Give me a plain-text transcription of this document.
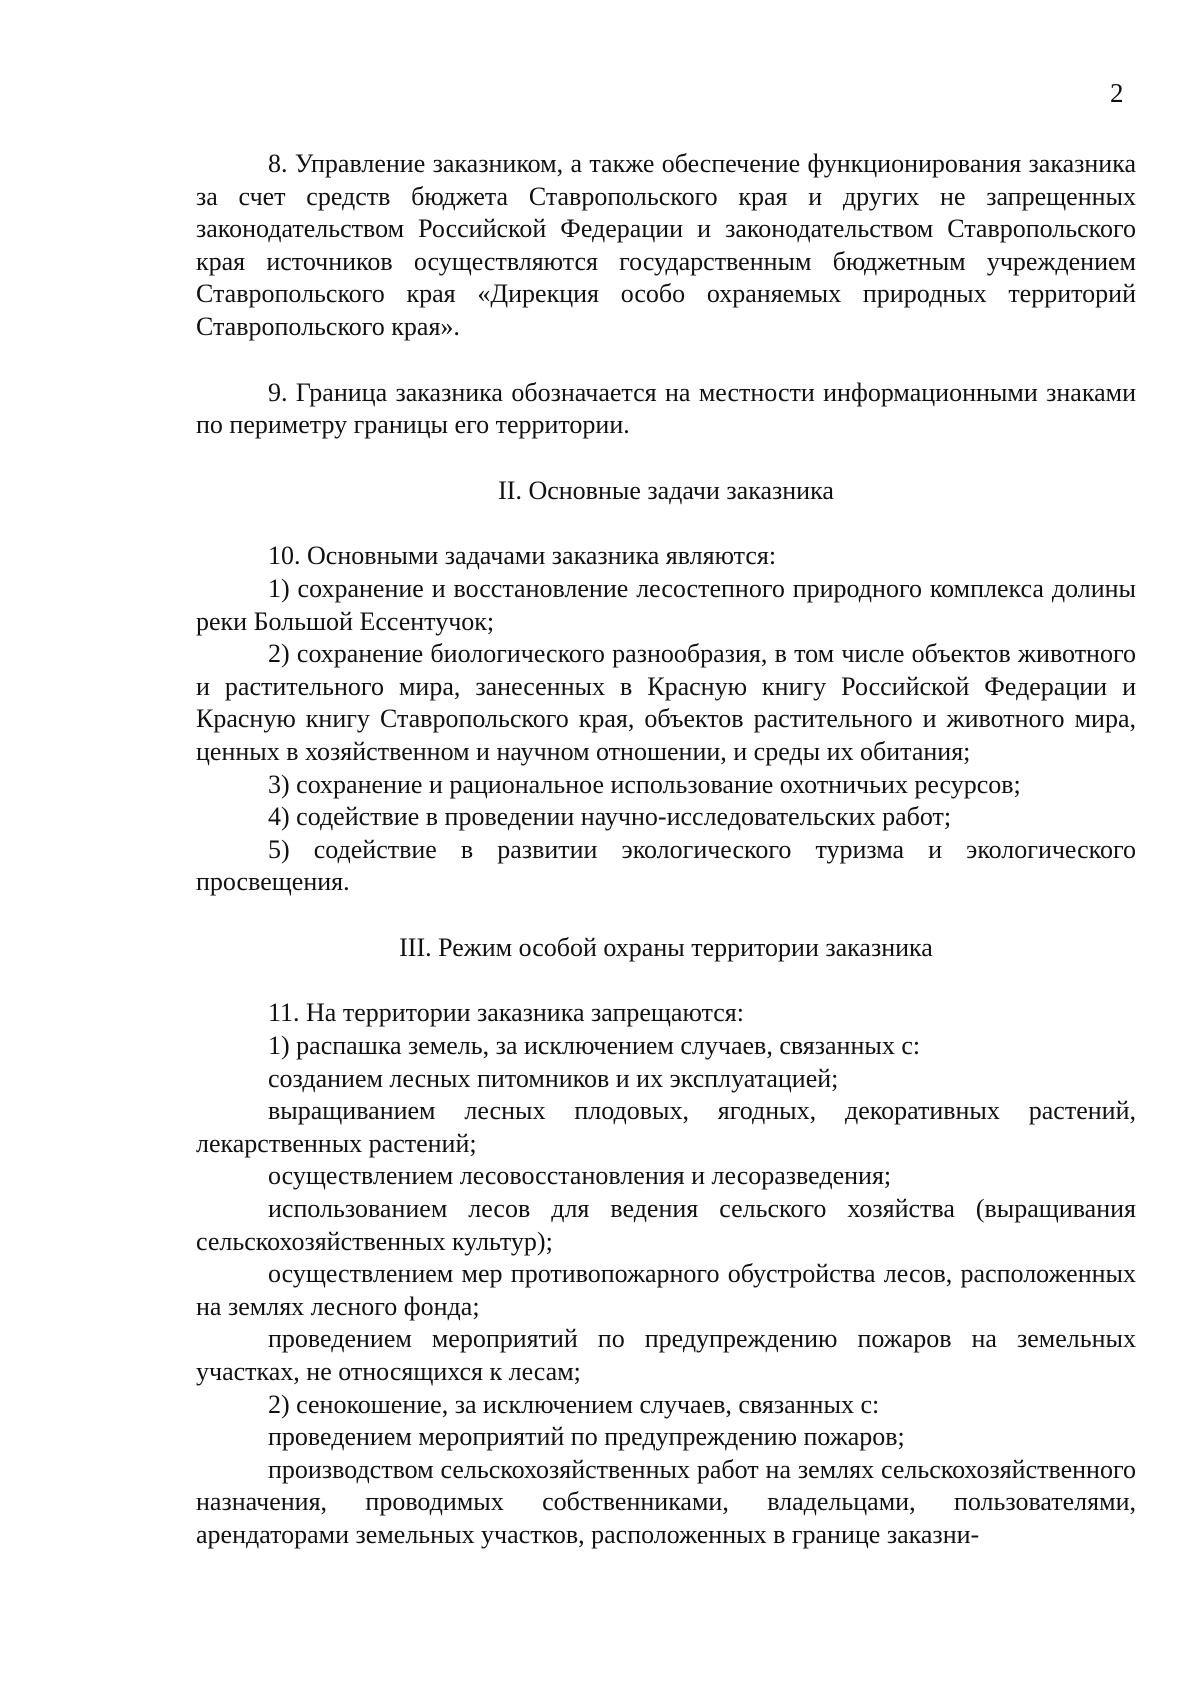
2

8. Управление заказником, а также обеспечение функционирования заказника за счет средств бюджета Ставропольского края и других не запрещенных законодательством Российской Федерации и законодательством Ставропольского края источников осуществляются государственным бюджетным учреждением Ставропольского края «Дирекция особо охраняемых природных территорий Ставропольского края».

9. Граница заказника обозначается на местности информационными знаками по периметру границы его территории.

II. Основные задачи заказника

10. Основными задачами заказника являются:

1) сохранение и восстановление лесостепного природного комплекса долины реки Большой Ессентучок;

2) сохранение биологического разнообразия, в том числе объектов животного и растительного мира, занесенных в Красную книгу Российской Федерации и Красную книгу Ставропольского края, объектов растительного и животного мира, ценных в хозяйственном и научном отношении, и среды их обитания;

3) сохранение и рациональное использование охотничьих ресурсов;

4) содействие в проведении научно-исследовательских работ;

5) содействие в развитии экологического туризма и экологического просвещения.

III. Режим особой охраны территории заказника

11. На территории заказника запрещаются:

1) распашка земель, за исключением случаев, связанных с:

созданием лесных питомников и их эксплуатацией;

выращиванием лесных плодовых, ягодных, декоративных растений, лекарственных растений;

осуществлением лесовосстановления и лесоразведения;

использованием лесов для ведения сельского хозяйства (выращивания сельскохозяйственных культур);

осуществлением мер противопожарного обустройства лесов, расположенных на землях лесного фонда;

проведением мероприятий по предупреждению пожаров на земельных участках, не относящихся к лесам;

2) сенокошение, за исключением случаев, связанных с:

проведением мероприятий по предупреждению пожаров;

производством сельскохозяйственных работ на землях сельскохозяйственного назначения, проводимых собственниками, владельцами, пользователями, арендаторами земельных участков, расположенных в границе заказни-
